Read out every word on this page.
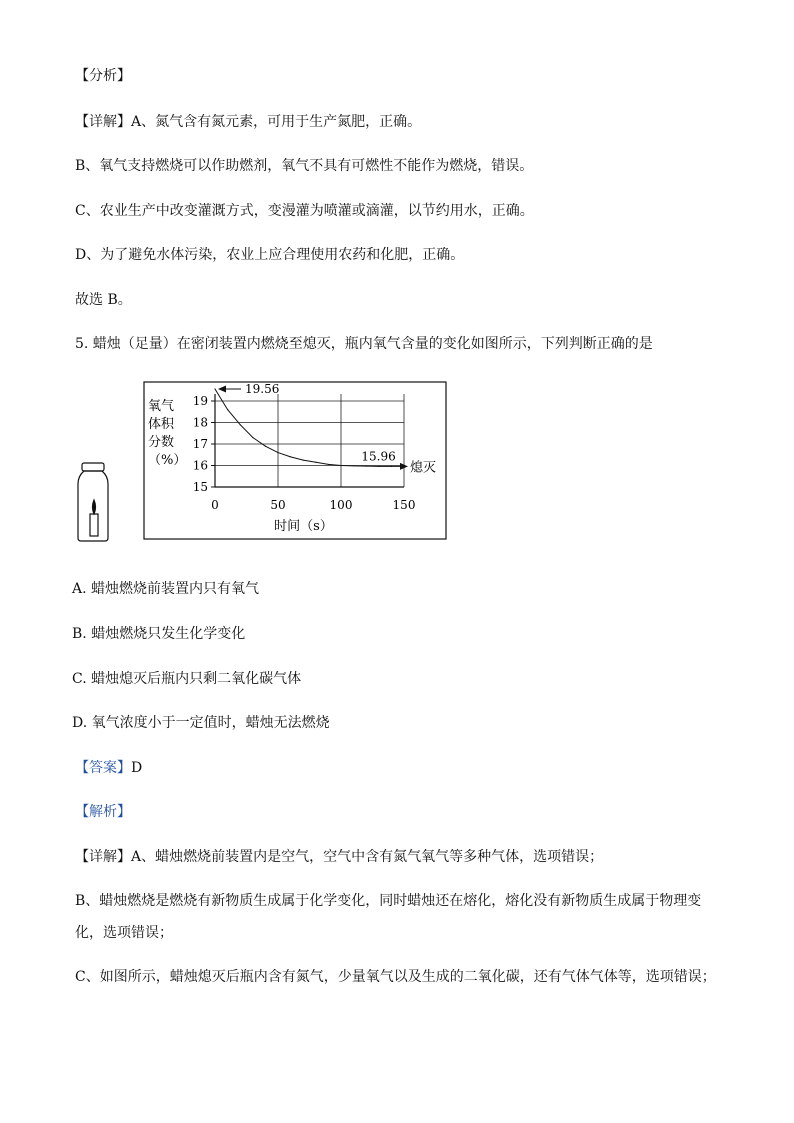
【分析】
【详解】A、氮气含有氮元素，可用于生产氮肥，正确。
B、氧气支持燃烧可以作助燃剂，氧气不具有可燃性不能作为燃烧，错误。
C、农业生产中改变灌溉方式，变漫灌为喷灌或滴灌，以节约用水，正确。
D、为了避免水体污染，农业上应合理使用农药和化肥，正确。
故选 B。
5. 蜡烛（足量）在密闭装置内燃烧至熄灭，瓶内氧气含量的变化如图所示，下列判断正确的是
15
16
17
18
19
0	50	100	150
氧气
体积
分数
（%）
时间（s）
19.56
15.96
熄灭
A. 蜡烛燃烧前装置内只有氧气
B. 蜡烛燃烧只发生化学变化
C. 蜡烛熄灭后瓶内只剩二氧化碳气体
D. 氧气浓度小于一定值时，蜡烛无法燃烧
【答案】D
【解析】
【详解】A、蜡烛燃烧前装置内是空气，空气中含有氮气氧气等多种气体，选项错误；
B、蜡烛燃烧是燃烧有新物质生成属于化学变化，同时蜡烛还在熔化，熔化没有新物质生成属于物理变
化，选项错误；
C、如图所示，蜡烛熄灭后瓶内含有氮气，少量氧气以及生成的二氧化碳，还有气体气体等，选项错误；
